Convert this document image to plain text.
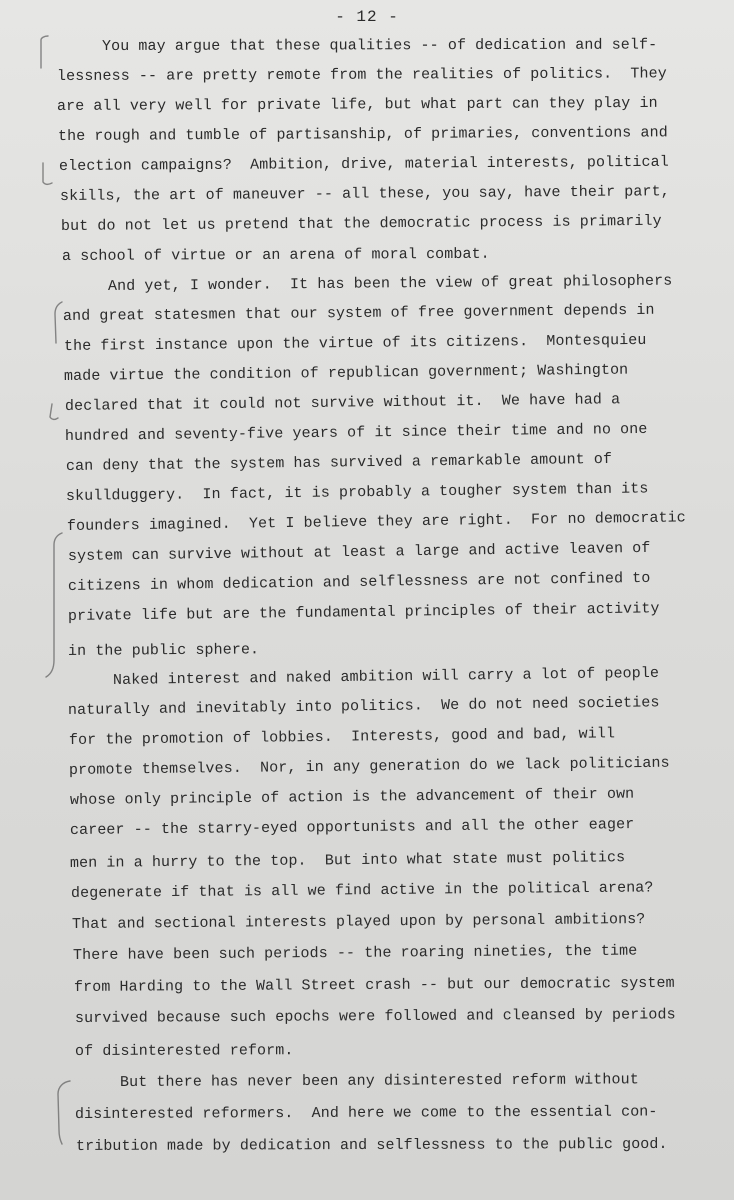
- 12 -
You may argue that these qualities -- of dedication and self-
lessness -- are pretty remote from the realities of politics.  They
are all very well for private life, but what part can they play in
the rough and tumble of partisanship, of primaries, conventions and
election campaigns?  Ambition, drive, material interests, political
skills, the art of maneuver -- all these, you say, have their part,
but do not let us pretend that the democratic process is primarily
a school of virtue or an arena of moral combat.
And yet, I wonder.  It has been the view of great philosophers
and great statesmen that our system of free government depends in
the first instance upon the virtue of its citizens.  Montesquieu
made virtue the condition of republican government; Washington
declared that it could not survive without it.  We have had a
hundred and seventy-five years of it since their time and no one
can deny that the system has survived a remarkable amount of
skullduggery.  In fact, it is probably a tougher system than its
founders imagined.  Yet I believe they are right.  For no democratic
system can survive without at least a large and active leaven of
citizens in whom dedication and selflessness are not confined to
private life but are the fundamental principles of their activity
in the public sphere.
Naked interest and naked ambition will carry a lot of people
naturally and inevitably into politics.  We do not need societies
for the promotion of lobbies.  Interests, good and bad, will
promote themselves.  Nor, in any generation do we lack politicians
whose only principle of action is the advancement of their own
career -- the starry-eyed opportunists and all the other eager
men in a hurry to the top.  But into what state must politics
degenerate if that is all we find active in the political arena?
That and sectional interests played upon by personal ambitions?
There have been such periods -- the roaring nineties, the time
from Harding to the Wall Street crash -- but our democratic system
survived because such epochs were followed and cleansed by periods
of disinterested reform.
But there has never been any disinterested reform without
disinterested reformers.  And here we come to the essential con-
tribution made by dedication and selflessness to the public good.
